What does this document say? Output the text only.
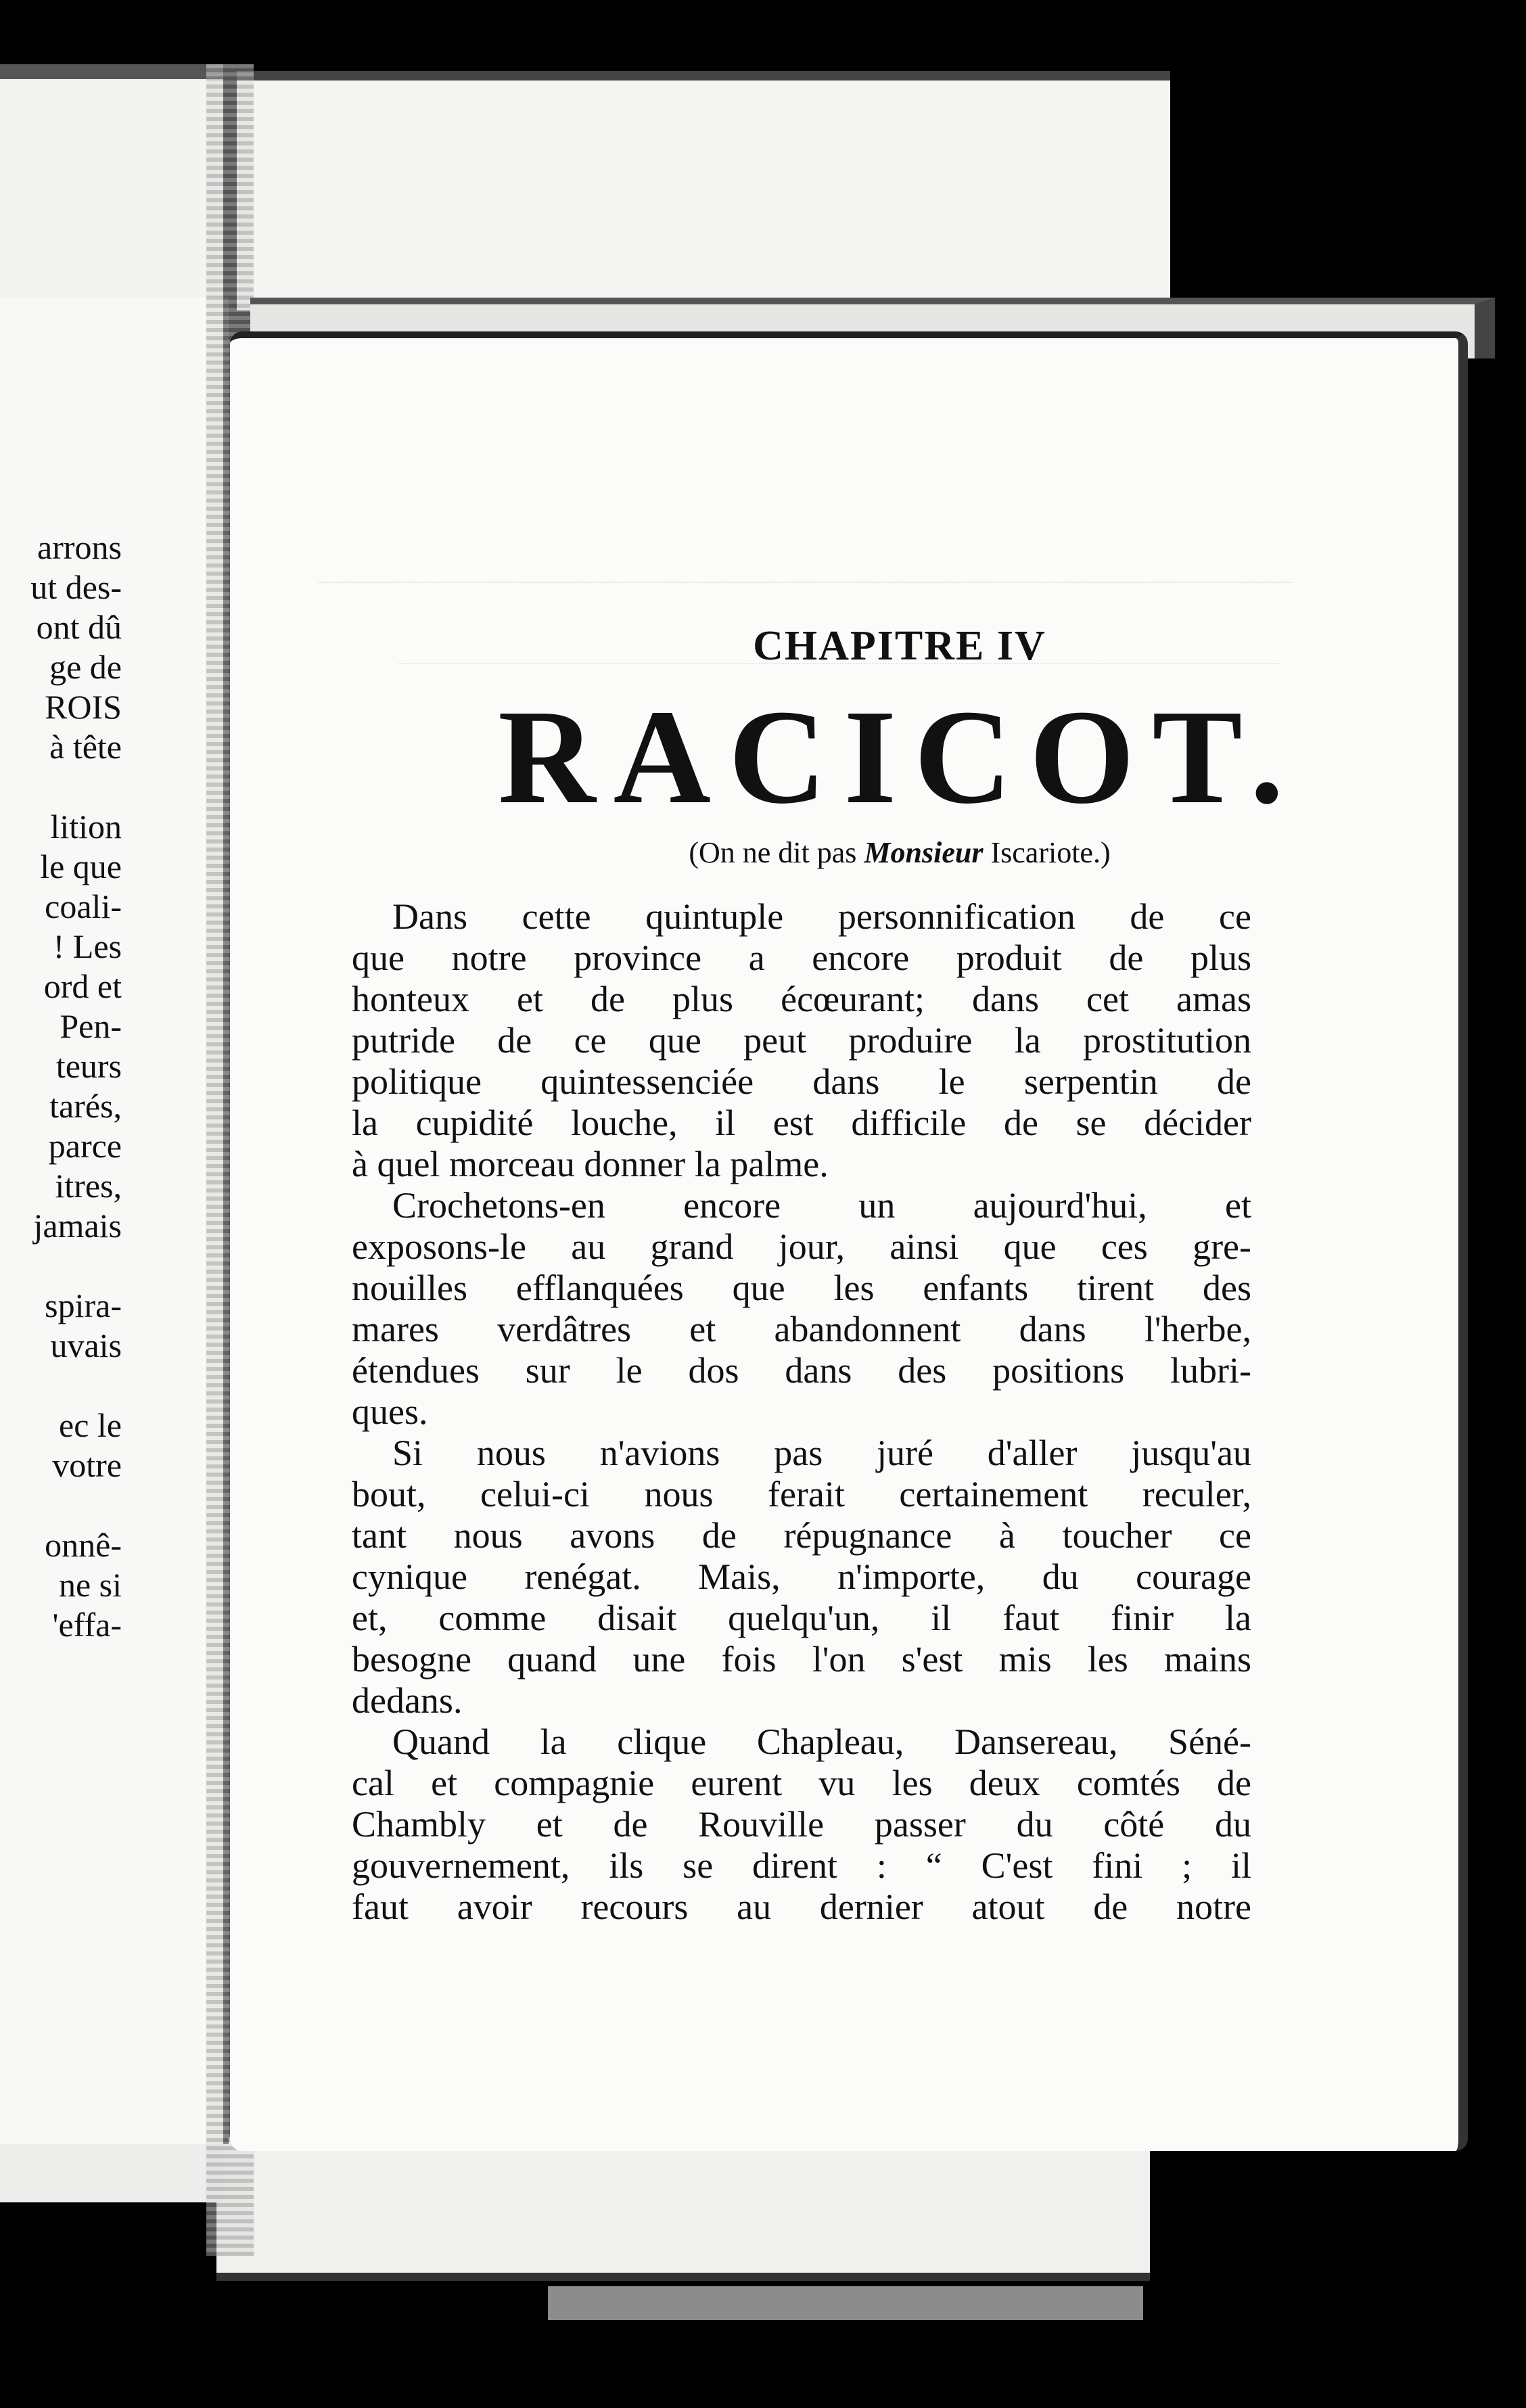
arrons
ut des-
ont dû
ge de
ROIS
à tête
lition
le que
coali-
! Les
ord et
Pen-
teurs
tarés,
parce
itres,
jamais
spira-
uvais
ec le
votre
onnê-
ne si
'effa-
CHAPITRE IV
RACICOT.
(On ne dit pas Monsieur Iscariote.)
Dans cette quintuple personnification de ce
que notre province a encore produit de plus
honteux et de plus écœurant; dans cet amas
putride de ce que peut produire la prostitution
politique quintessenciée dans le serpentin de
la cupidité louche, il est difficile de se décider
à quel morceau donner la palme.
Crochetons-en encore un aujourd'hui, et
exposons-le au grand jour, ainsi que ces gre-
nouilles efflanquées que les enfants tirent des
mares verdâtres et abandonnent dans l'herbe,
étendues sur le dos dans des positions lubri-
ques.
Si nous n'avions pas juré d'aller jusqu'au
bout, celui-ci nous ferait certainement reculer,
tant nous avons de répugnance à toucher ce
cynique renégat. Mais, n'importe, du courage
et, comme disait quelqu'un, il faut finir la
besogne quand une fois l'on s'est mis les mains
dedans.
Quand la clique Chapleau, Dansereau, Séné-
cal et compagnie eurent vu les deux comtés de
Chambly et de Rouville passer du côté du
gouvernement, ils se dirent : “ C'est fini ; il
faut avoir recours au dernier atout de notre
